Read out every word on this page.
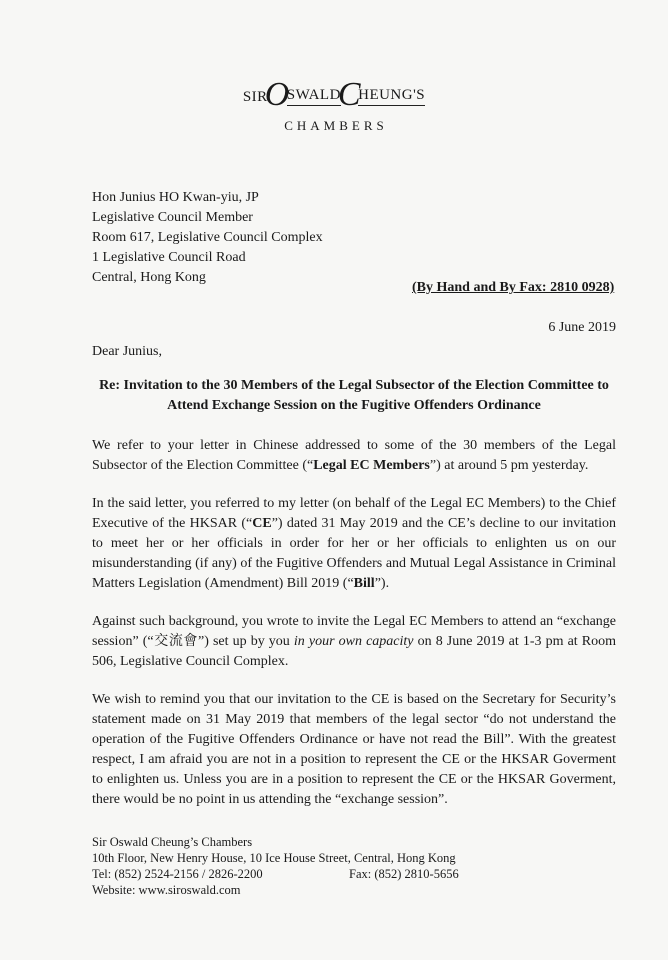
SIR
O
SWALD
C
HEUNG'S
CHAMBERS
Hon Junius HO Kwan-yiu, JP
Legislative Council Member
Room 617, Legislative Council Complex
1 Legislative Council Road
Central, Hong Kong
(By Hand and By Fax: 2810 0928)
6 June 2019
Dear Junius,
Re: Invitation to the 30 Members of the Legal Subsector of the Election Committee to
Attend Exchange Session on the Fugitive Offenders Ordinance
We refer to your letter in Chinese addressed to some of the 30 members of the Legal Subsector of the Election Committee (“Legal EC Members”) at around 5 pm yesterday.
In the said letter, you referred to my letter (on behalf of the Legal EC Members) to the Chief Executive of the HKSAR (“CE”) dated 31 May 2019 and the CE’s decline to our invitation to meet her or her officials in order for her or her officials to enlighten us on our misunderstanding (if any) of the Fugitive Offenders and Mutual Legal Assistance in Criminal Matters Legislation (Amendment) Bill 2019 (“Bill”).
Against such background, you wrote to invite the Legal EC Members to attend an “exchange session” (“交流會”) set up by you in your own capacity on 8 June 2019 at 1-3 pm at Room 506, Legislative Council Complex.
We wish to remind you that our invitation to the CE is based on the Secretary for Security’s statement made on 31 May 2019 that members of the legal sector “do not understand the operation of the Fugitive Offenders Ordinance or have not read the Bill”. With the greatest respect, I am afraid you are not in a position to represent the CE or the HKSAR Goverment to enlighten us. Unless you are in a position to represent the CE or the HKSAR Goverment, there would be no point in us attending the “exchange session”.
Sir Oswald Cheung’s Chambers
10th Floor, New Henry House, 10 Ice House Street, Central, Hong Kong
Tel: (852) 2524-2156 / 2826-2200	Fax: (852) 2810-5656
Website: www.siroswald.com
